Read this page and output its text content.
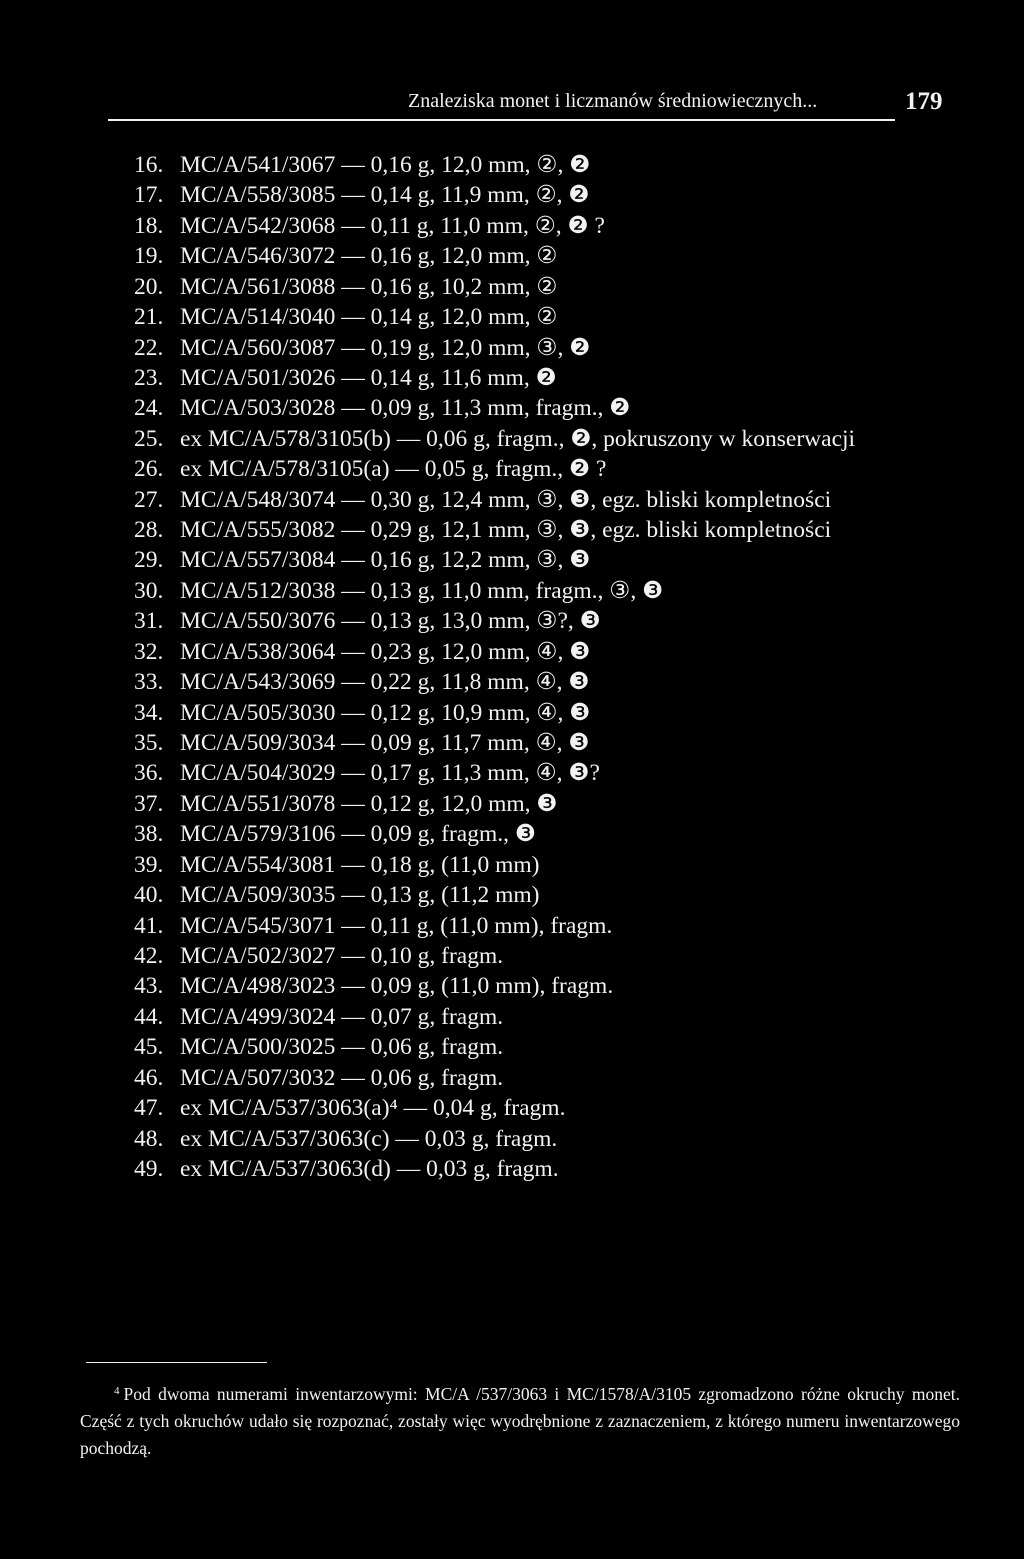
Znaleziska monet i liczmanów średniowiecznych...	179
16. MC/A/541/3067 — 0,16 g, 12,0 mm, ②, ❷
17. MC/A/558/3085 — 0,14 g, 11,9 mm, ②, ❷
18. MC/A/542/3068 — 0,11 g, 11,0 mm, ②, ❷ ?
19. MC/A/546/3072 — 0,16 g, 12,0 mm, ②
20. MC/A/561/3088 — 0,16 g, 10,2 mm, ②
21. MC/A/514/3040 — 0,14 g, 12,0 mm, ②
22. MC/A/560/3087 — 0,19 g, 12,0 mm, ③, ❷
23. MC/A/501/3026 — 0,14 g, 11,6 mm, ❷
24. MC/A/503/3028 — 0,09 g, 11,3 mm, fragm., ❷
25. ex MC/A/578/3105(b) — 0,06 g, fragm., ❷, pokruszony w konserwacji
26. ex MC/A/578/3105(a) — 0,05 g, fragm., ❷ ?
27. MC/A/548/3074 — 0,30 g, 12,4 mm, ③, ❸, egz. bliski kompletności
28. MC/A/555/3082 — 0,29 g, 12,1 mm, ③, ❸, egz. bliski kompletności
29. MC/A/557/3084 — 0,16 g, 12,2 mm, ③, ❸
30. MC/A/512/3038 — 0,13 g, 11,0 mm, fragm., ③, ❸
31. MC/A/550/3076 — 0,13 g, 13,0 mm, ③?, ❸
32. MC/A/538/3064 — 0,23 g, 12,0 mm, ④, ❸
33. MC/A/543/3069 — 0,22 g, 11,8 mm, ④, ❸
34. MC/A/505/3030 — 0,12 g, 10,9 mm, ④, ❸
35. MC/A/509/3034 — 0,09 g, 11,7 mm, ④, ❸
36. MC/A/504/3029 — 0,17 g, 11,3 mm, ④, ❸?
37. MC/A/551/3078 — 0,12 g, 12,0 mm, ❸
38. MC/A/579/3106 — 0,09 g, fragm., ❸
39. MC/A/554/3081 — 0,18 g, (11,0 mm)
40. MC/A/509/3035 — 0,13 g, (11,2 mm)
41. MC/A/545/3071 — 0,11 g, (11,0 mm), fragm.
42. MC/A/502/3027 — 0,10 g, fragm.
43. MC/A/498/3023 — 0,09 g, (11,0 mm), fragm.
44. MC/A/499/3024 — 0,07 g, fragm.
45. MC/A/500/3025 — 0,06 g, fragm.
46. MC/A/507/3032 — 0,06 g, fragm.
47. ex MC/A/537/3063(a)⁴ — 0,04 g, fragm.
48. ex MC/A/537/3063(c) — 0,03 g, fragm.
49. ex MC/A/537/3063(d) — 0,03 g, fragm.
$^4$ Pod dwoma numerami inwentarzowymi: MC/A /537/3063 i MC/1578/A/3105 zgromadzono różne okruchy monet. Część z tych okruchów udało się rozpoznać, zostały więc wyodrębnione z zaznaczeniem, z którego numeru inwentarzowego pochodzą.
